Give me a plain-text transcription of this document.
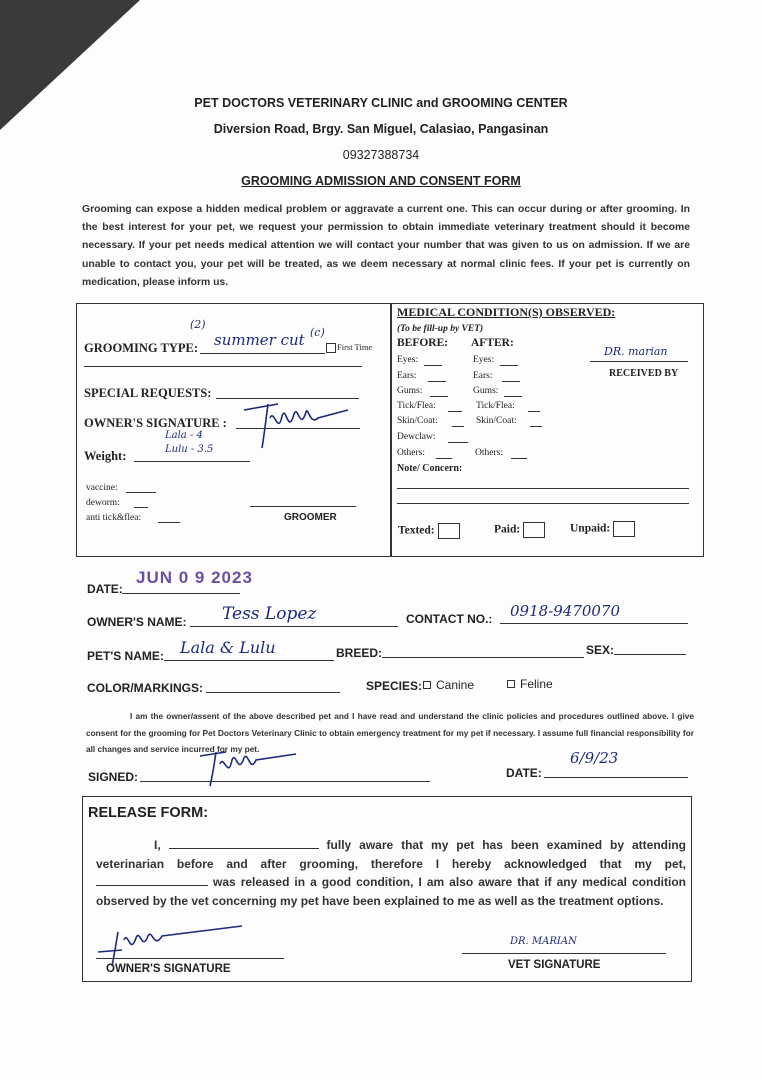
PET DOCTORS VETERINARY CLINIC and GROOMING CENTER
Diversion Road, Brgy. San Miguel, Calasiao, Pangasinan
09327388734
GROOMING ADMISSION AND CONSENT FORM
Grooming can expose a hidden medical problem or aggravate a current one. This can occur during or after grooming. In the best interest for your pet, we request your permission to obtain immediate veterinary treatment should it become necessary. If your pet needs medical attention we will contact your number that was given to us on admission. If we are unable to contact you, your pet will be treated, as we deem necessary at normal clinic fees. If your pet is currently on medication, please inform us.
GROOMING TYPE: summer cut
(2)
(c)
First Time
SPECIAL REQUESTS:
OWNER'S SIGNATURE :
Weight:
Lala - 4
Lulu - 3.5
vaccine:
deworm:
anti tick&flea:	GROOMER
MEDICAL CONDITION(S) OBSERVED:
(To be fill-up by VET)
BEFORE: AFTER:
Eyes:	Eyes:
Ears:	Ears:
Gums:	Gums:
Tick/Flea:	Tick/Flea:
Skin/Coat:	Skin/Coat:
Dewclaw:
Others:	Others:
Note/ Concern:
DR. marian
RECEIVED BY
Texted:	Paid:	Unpaid:
DATE:
JUN 0 9 2023
OWNER'S NAME: Tess Lopez	CONTACT NO.: 0918-9470070
PET'S NAME: Lala & Lulu	BREED:	SEX:
COLOR/MARKINGS:	SPECIES:	Canine	Feline
I am the owner/assent of the above described pet and I have read and understand the clinic policies and procedures outlined above. I give consent for the grooming for Pet Doctors Veterinary Clinic to obtain emergency treatment for my pet if necessary. I assume full financial responsibility for all changes and service incurred for my pet.
SIGNED:	DATE:
6/9/23
RELEASE FORM:
I,	fully aware that my pet has been examined by attending veterinarian before and after grooming, therefore I hereby acknowledged that my pet,  was released in a good condition, I am also aware that if any medical condition observed by the vet concerning my pet have been explained to me as well as the treatment options.
OWNER'S SIGNATURE
DR. MARIAN
VET SIGNATURE
